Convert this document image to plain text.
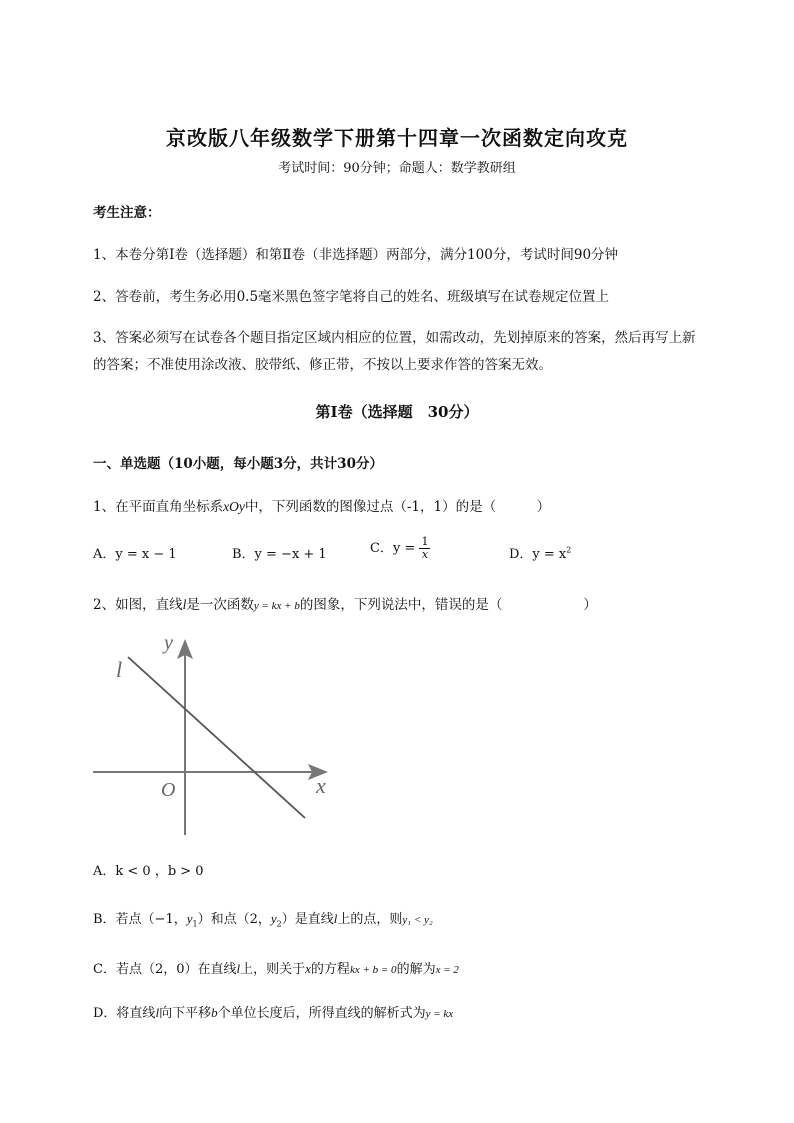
京改版八年级数学下册第十四章一次函数定向攻克
考试时间：90分钟；命题人：数学教研组
考生注意：
1、本卷分第Ⅰ卷（选择题）和第Ⅱ卷（非选择题）两部分，满分100分，考试时间90分钟
2、答卷前，考生务必用0.5毫米黑色签字笔将自己的姓名、班级填写在试卷规定位置上
3、答案必须写在试卷各个题目指定区域内相应的位置，如需改动，先划掉原来的答案，然后再写上新
的答案；不准使用涂改液、胶带纸、修正带，不按以上要求作答的答案无效。
第Ⅰ卷（选择题　30分）
一、单选题（10小题，每小题3分，共计30分）
1、在平面直角坐标系xOy中，下列函数的图像过点（-1，1）的是（　　　）
A．y = x − 1	B．y = −x + 1	C．$y = \frac{1}{x}$	D．$y = x^2$
2、如图，直线l是一次函数y = kx + b的图象，下列说法中，错误的是（　　　　　　）
y
x
O
l
A．k < 0 ，b > 0
B．若点（−1，$y_1$）和点（2，$y_2$）是直线l上的点，则y₁ < y₂
C．若点（2，0）在直线l上，则关于x的方程kx + b = 0的解为x = 2
D．将直线l向下平移b个单位长度后，所得直线的解析式为y = kx
